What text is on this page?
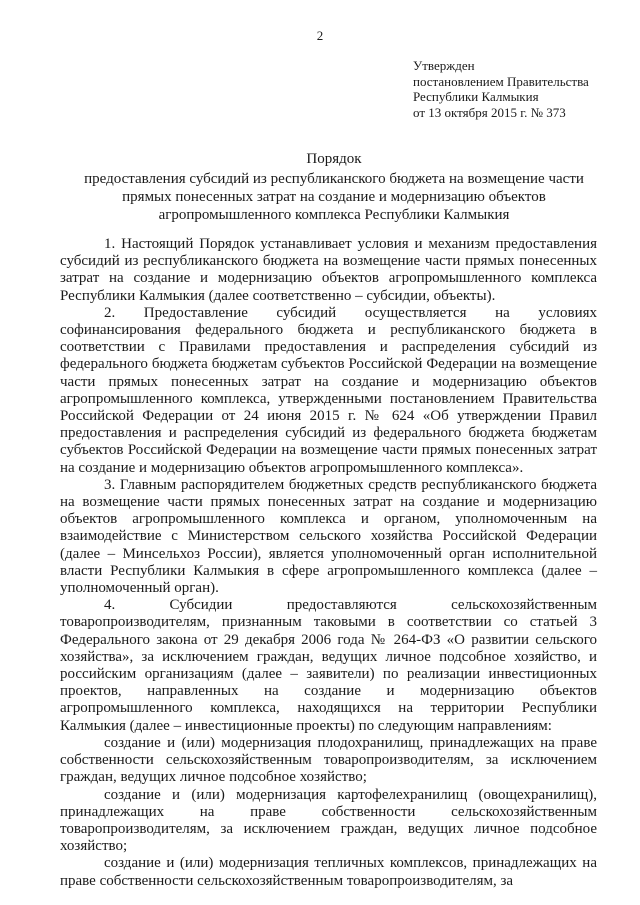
2
Утвержден
постановлением Правительства
Республики Калмыкия
от 13 октября 2015 г. № 373
Порядок
предоставления субсидий из республиканского бюджета на возмещение части
прямых понесенных затрат на создание и модернизацию объектов
агропромышленного комплекса Республики Калмыкия

1. Настоящий Порядок устанавливает условия и механизм предоставления субсидий из республиканского бюджета на возмещение части прямых понесенных затрат на создание и модернизацию объектов агропромышленного комплекса Республики Калмыкия (далее соответственно – субсидии, объекты).

2. Предоставление субсидий осуществляется на условиях софинансирования федерального бюджета и республиканского бюджета в соответствии с Правилами предоставления и распределения субсидий из федерального бюджета бюджетам субъектов Российской Федерации на возмещение части прямых понесенных затрат на создание и модернизацию объектов агропромышленного комплекса, утвержденными постановлением Правительства Российской Федерации от 24 июня 2015 г. № 624 «Об утверждении Правил предоставления и распределения субсидий из федерального бюджета бюджетам субъектов Российской Федерации на возмещение части прямых понесенных затрат на создание и модернизацию объектов агропромышленного комплекса».

3. Главным распорядителем бюджетных средств республиканского бюджета на возмещение части прямых понесенных затрат на создание и модернизацию объектов агропромышленного комплекса и органом, уполномоченным на взаимодействие с Министерством сельского хозяйства Российской Федерации (далее – Минсельхоз России), является уполномоченный орган исполнительной власти Республики Калмыкия в сфере агропромышленного комплекса (далее – уполномоченный орган).

4. Субсидии предоставляются сельскохозяйственным товаропроизводителям, признанным таковыми в соответствии со статьей 3 Федерального закона от 29 декабря 2006 года № 264-ФЗ «О развитии сельского хозяйства», за исключением граждан, ведущих личное подсобное хозяйство, и российским организациям (далее – заявители) по реализации инвестиционных проектов, направленных на создание и модернизацию объектов агропромышленного комплекса, находящихся на территории Республики Калмыкия (далее – инвестиционные проекты) по следующим направлениям:

создание и (или) модернизация плодохранилищ, принадлежащих на праве собственности сельскохозяйственным товаропроизводителям, за исключением граждан, ведущих личное подсобное хозяйство;

создание и (или) модернизация картофелехранилищ (овощехранилищ), принадлежащих на праве собственности сельскохозяйственным товаропроизводителям, за исключением граждан, ведущих личное подсобное хозяйство;

создание и (или) модернизация тепличных комплексов, принадлежащих на праве собственности сельскохозяйственным товаропроизводителям, за
